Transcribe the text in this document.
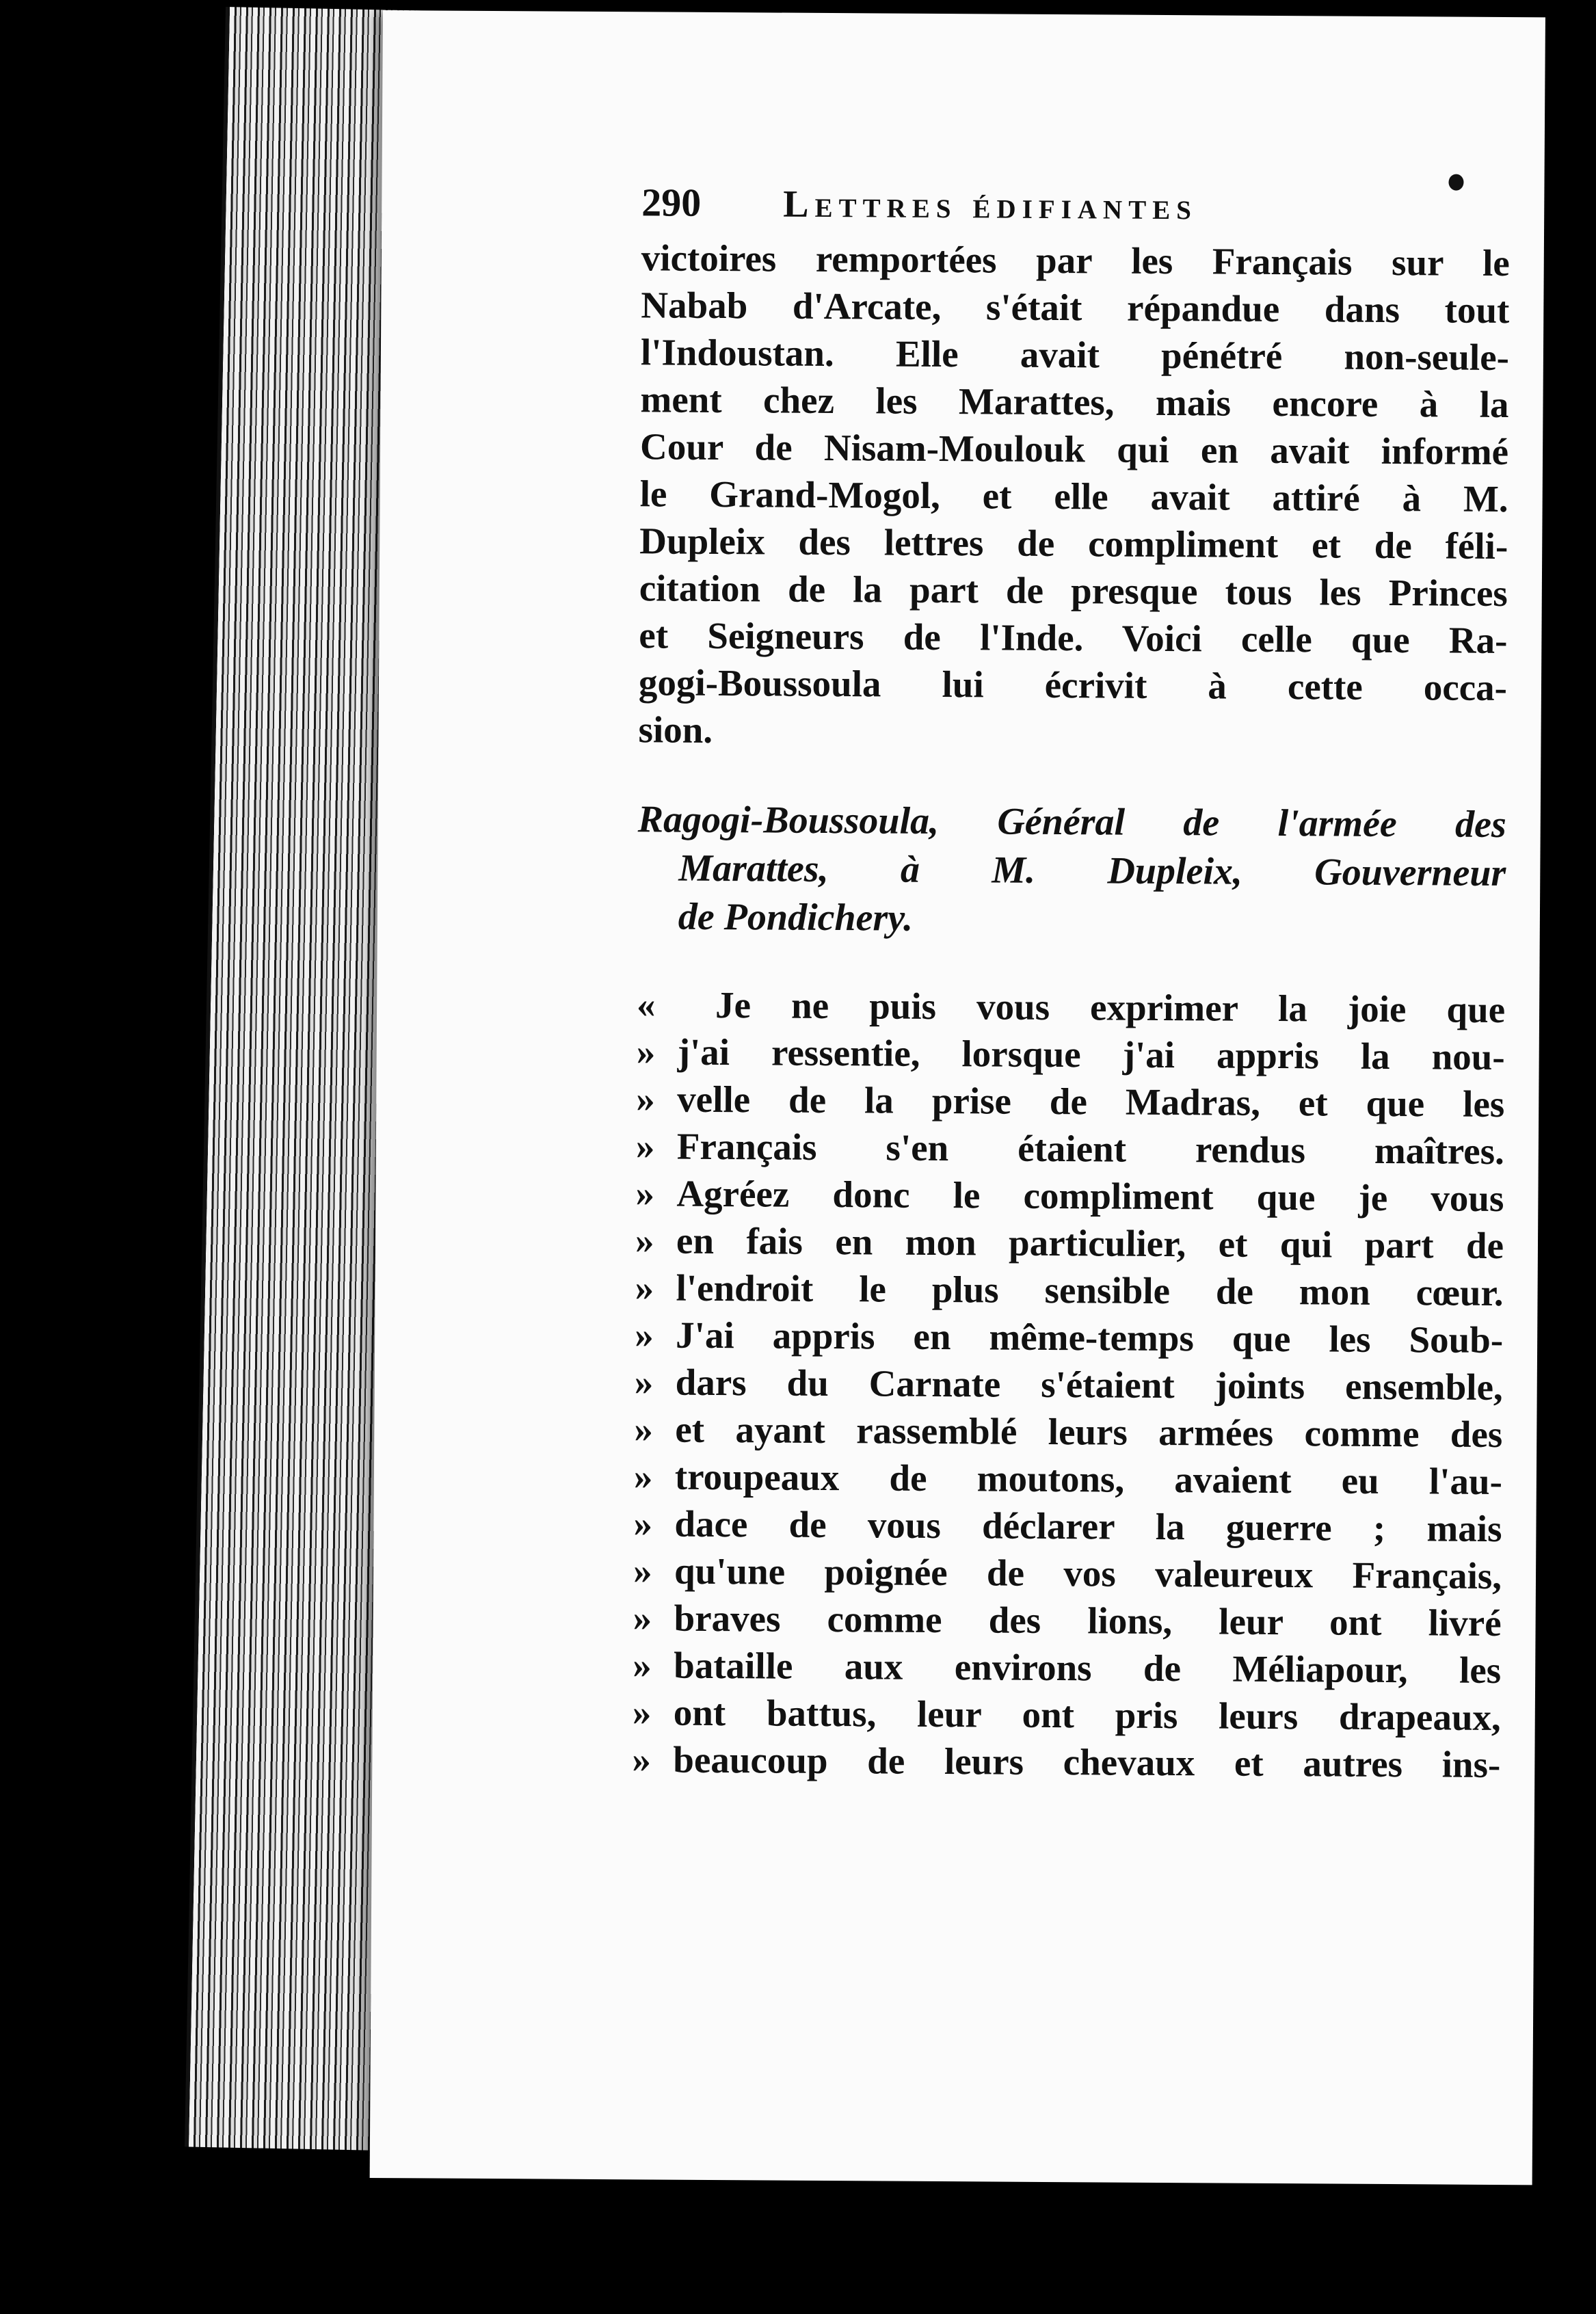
290 Lettres édifiantes
victoires remportées par les Français sur le
Nabab d'Arcate, s'était répandue dans tout
l'Indoustan. Elle avait pénétré non-seule-
ment chez les Marattes, mais encore à la
Cour de Nisam-Moulouk qui en avait informé
le Grand-Mogol, et elle avait attiré à M.
Dupleix des lettres de compliment et de féli-
citation de la part de presque tous les Princes
et Seigneurs de l'Inde. Voici celle que Ra-
gogi-Boussoula lui écrivit à cette occa-
sion.
Ragogi-Boussoula, Général de l'armée des
Marattes, à M. Dupleix, Gouverneur
de Pondichery.
«	Je ne puis vous exprimer la joie que
» j'ai ressentie, lorsque j'ai appris la nou-
» velle de la prise de Madras, et que les
» Français s'en étaient rendus maîtres.
» Agréez donc le compliment que je vous
» en fais en mon particulier, et qui part de
» l'endroit le plus sensible de mon cœur.
» J'ai appris en même-temps que les Soub-
» dars du Carnate s'étaient joints ensemble,
» et ayant rassemblé leurs armées comme des
» troupeaux de moutons, avaient eu l'au-
» dace de vous déclarer la guerre ; mais
» qu'une poignée de vos valeureux Français,
» braves comme des lions, leur ont livré
» bataille aux environs de Méliapour, les
» ont battus, leur ont pris leurs drapeaux,
» beaucoup de leurs chevaux et autres ins-
